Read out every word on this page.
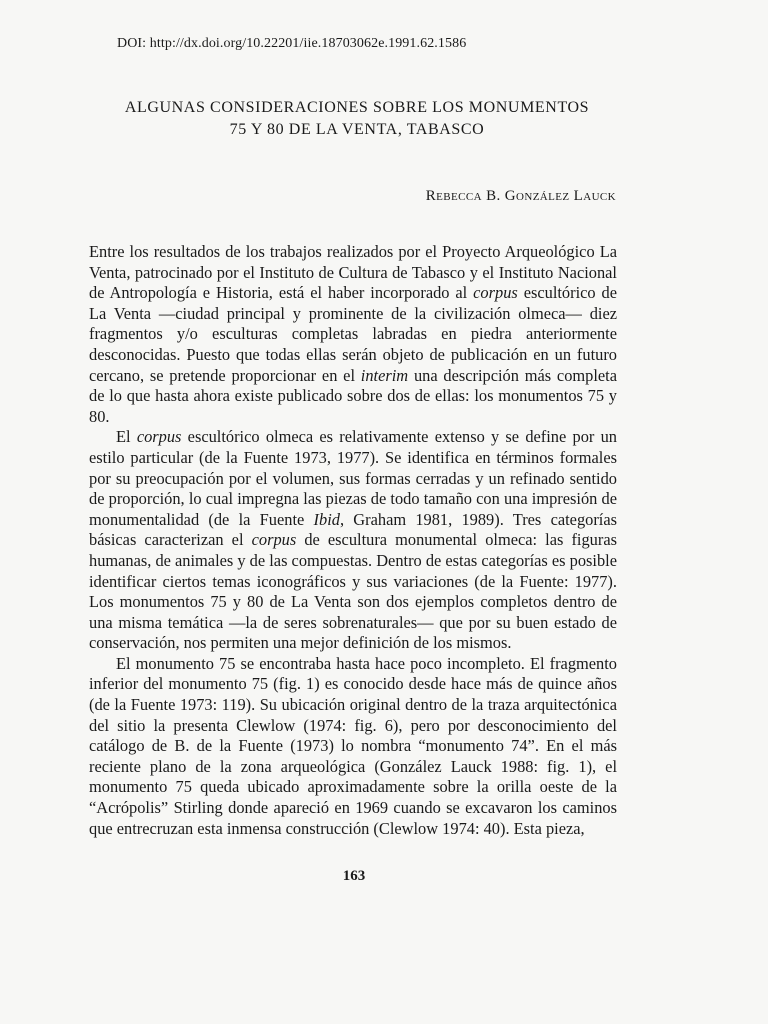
DOI: http://dx.doi.org/10.22201/iie.18703062e.1991.62.1586
ALGUNAS CONSIDERACIONES SOBRE LOS MONUMENTOS
75 Y 80 DE LA VENTA, TABASCO
Rebecca B. González Lauck

Entre los resultados de los trabajos realizados por el Proyecto Arqueológico La Venta, patrocinado por el Instituto de Cultura de Tabasco y el Instituto Nacional de Antropología e Historia, está el haber incorporado al corpus escultórico de La Venta —ciudad principal y prominente de la civilización olmeca— diez fragmentos y/o esculturas completas labradas en piedra anteriormente desconocidas. Puesto que todas ellas serán objeto de publicación en un futuro cercano, se pretende proporcionar en el interim una descripción más completa de lo que hasta ahora existe publicado sobre dos de ellas: los monumentos 75 y 80.

El corpus escultórico olmeca es relativamente extenso y se define por un estilo particular (de la Fuente 1973, 1977). Se identifica en términos formales por su preocupación por el volumen, sus formas cerradas y un refinado sentido de proporción, lo cual impregna las piezas de todo tamaño con una impresión de monumentalidad (de la Fuente Ibid, Graham 1981, 1989). Tres categorías básicas caracterizan el corpus de escultura monumental olmeca: las figuras humanas, de animales y de las compuestas. Dentro de estas categorías es posible identificar ciertos temas iconográficos y sus variaciones (de la Fuente: 1977). Los monumentos 75 y 80 de La Venta son dos ejemplos completos dentro de una misma temática —la de seres sobrenaturales— que por su buen estado de conservación, nos permiten una mejor definición de los mismos.

El monumento 75 se encontraba hasta hace poco incompleto. El fragmento inferior del monumento 75 (fig. 1) es conocido desde hace más de quince años (de la Fuente 1973: 119). Su ubicación original dentro de la traza arquitectónica del sitio la presenta Clewlow (1974: fig. 6), pero por desconocimiento del catálogo de B. de la Fuente (1973) lo nombra “monumento 74”. En el más reciente plano de la zona arqueológica (González Lauck 1988: fig. 1), el monumento 75 queda ubicado aproximadamente sobre la orilla oeste de la “Acrópolis” Stirling donde apareció en 1969 cuando se excavaron los caminos que entrecruzan esta inmensa construcción (Clewlow 1974: 40). Esta pieza,

163
